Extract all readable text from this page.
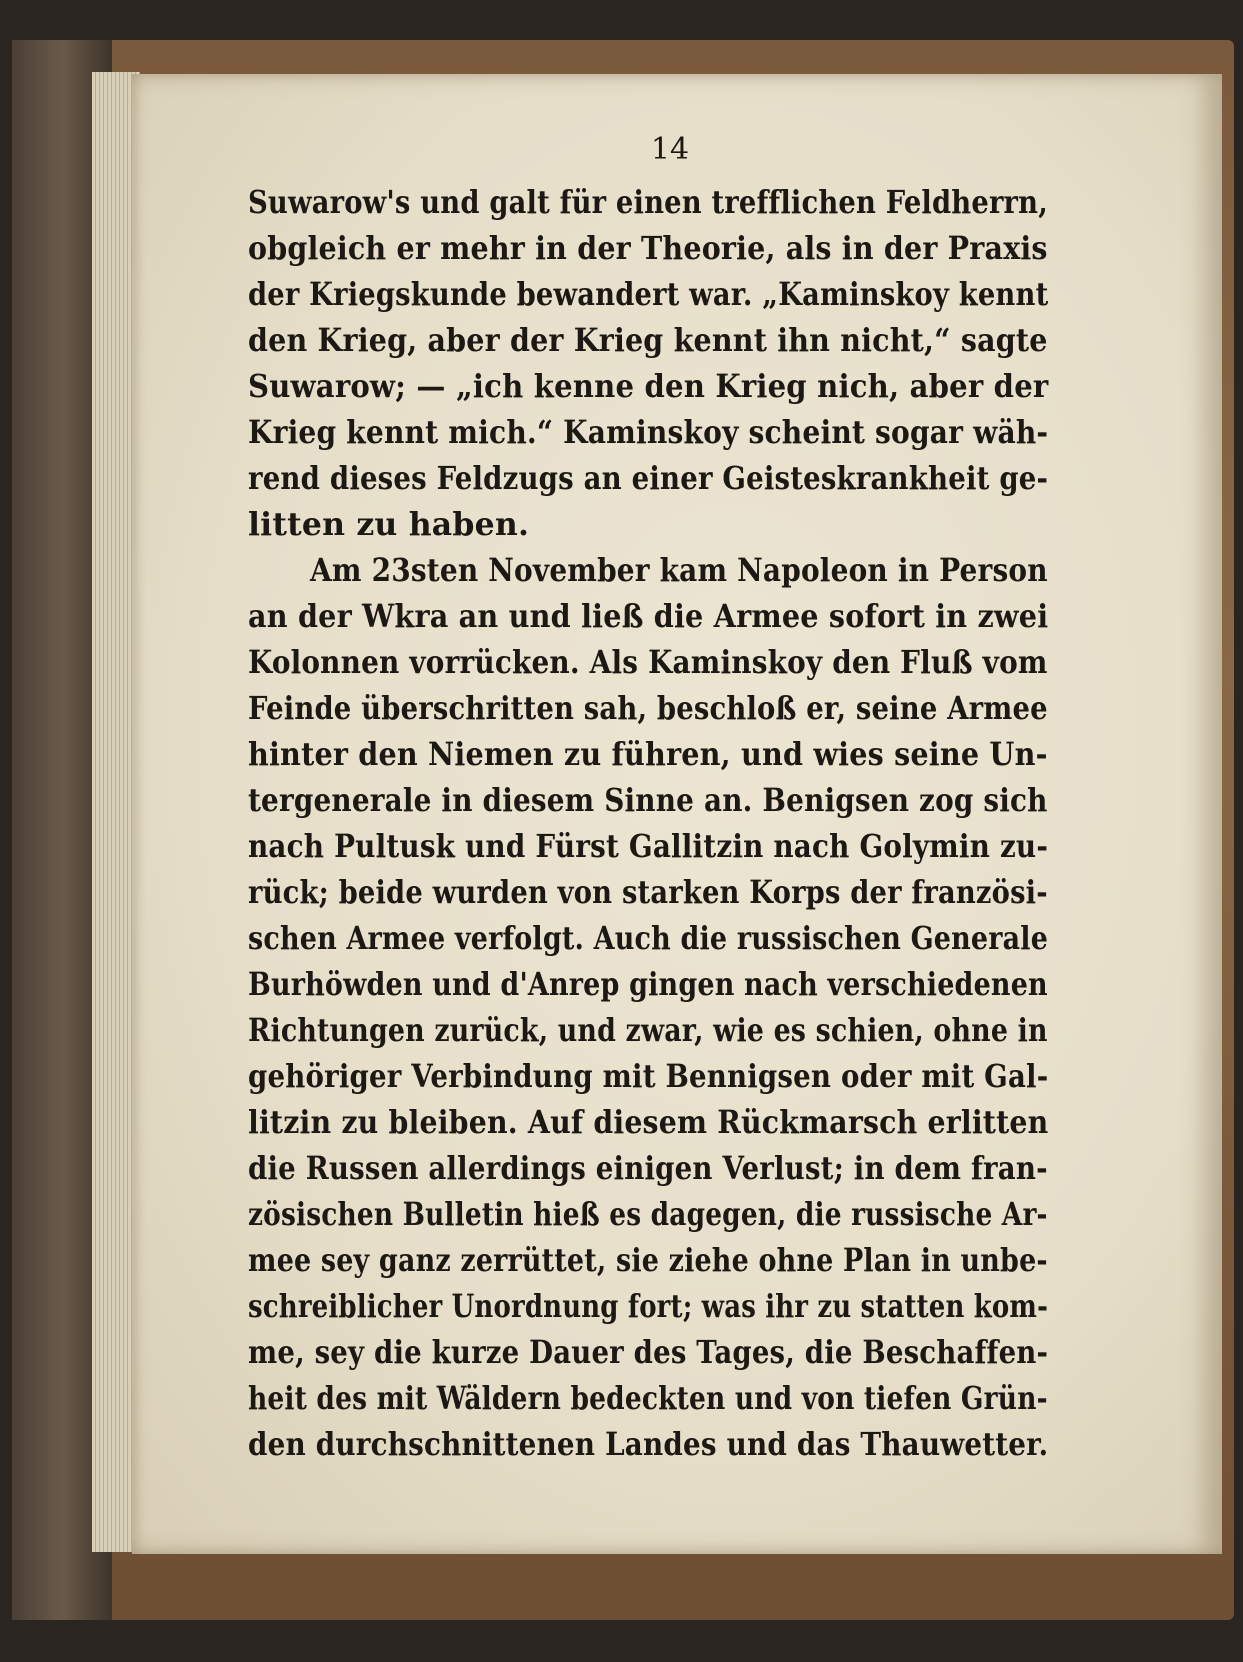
14
Suwarow's und galt für einen trefflichen Feldherrn,
obgleich er mehr in der Theorie, als in der Praxis
der Kriegskunde bewandert war. „Kaminskoy kennt
den Krieg, aber der Krieg kennt ihn nicht,“ sagte
Suwarow; — „ich kenne den Krieg nich, aber der
Krieg kennt mich.“ Kaminskoy scheint sogar wäh-
rend dieses Feldzugs an einer Geisteskrankheit ge-
litten zu haben.
Am 23sten November kam Napoleon in Person
an der Wkra an und ließ die Armee sofort in zwei
Kolonnen vorrücken. Als Kaminskoy den Fluß vom
Feinde überschritten sah, beschloß er, seine Armee
hinter den Niemen zu führen, und wies seine Un-
tergenerale in diesem Sinne an. Benigsen zog sich
nach Pultusk und Fürst Gallitzin nach Golymin zu-
rück; beide wurden von starken Korps der französi-
schen Armee verfolgt. Auch die russischen Generale
Burhöwden und d'Anrep gingen nach verschiedenen
Richtungen zurück, und zwar, wie es schien, ohne in
gehöriger Verbindung mit Bennigsen oder mit Gal-
litzin zu bleiben. Auf diesem Rückmarsch erlitten
die Russen allerdings einigen Verlust; in dem fran-
zösischen Bulletin hieß es dagegen, die russische Ar-
mee sey ganz zerrüttet, sie ziehe ohne Plan in unbe-
schreiblicher Unordnung fort; was ihr zu statten kom-
me, sey die kurze Dauer des Tages, die Beschaffen-
heit des mit Wäldern bedeckten und von tiefen Grün-
den durchschnittenen Landes und das Thauwetter.
